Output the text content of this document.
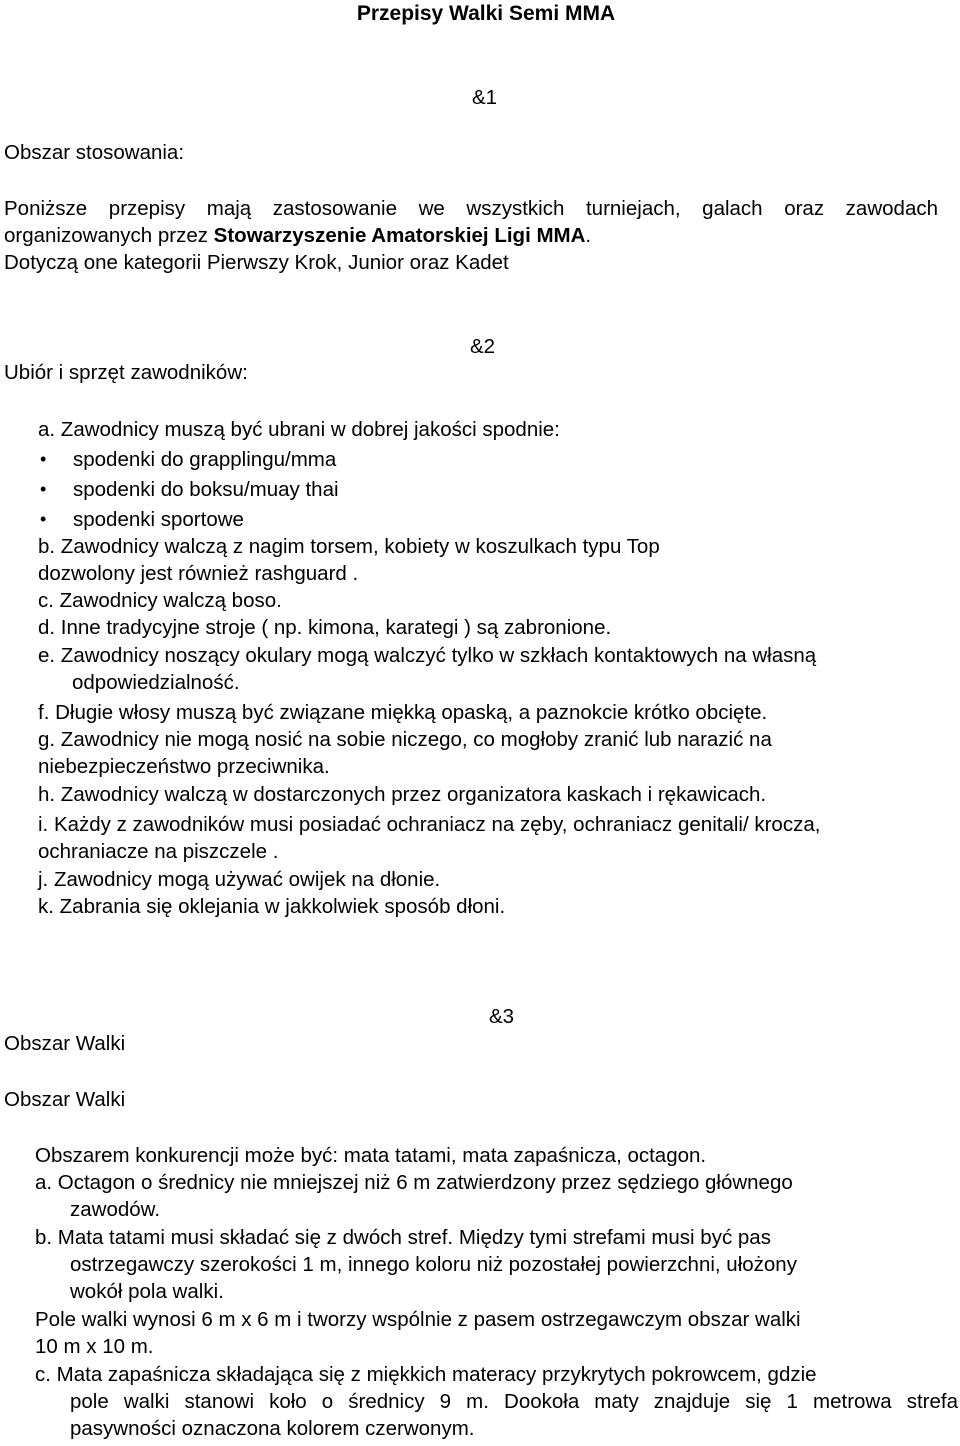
Przepisy Walki Semi MMA
&1
Obszar stosowania:
Poniższe przepisy mają zastosowanie we wszystkich turniejach, galach oraz zawodach
organizowanych przez Stowarzyszenie Amatorskiej Ligi MMA.
Dotyczą one kategorii Pierwszy Krok, Junior oraz Kadet
&2
Ubiór i sprzęt zawodników:
a. Zawodnicy muszą być ubrani w dobrej jakości spodnie:
• spodenki do grapplingu/mma
• spodenki do boksu/muay thai
• spodenki sportowe
b. Zawodnicy walczą z nagim torsem, kobiety w koszulkach typu Top
dozwolony jest również rashguard .
c. Zawodnicy walczą boso.
d. Inne tradycyjne stroje ( np. kimona, karategi ) są zabronione.
e. Zawodnicy noszący okulary mogą walczyć tylko w szkłach kontaktowych na własną
odpowiedzialność.
f. Długie włosy muszą być związane miękką opaską, a paznokcie krótko obcięte.
g. Zawodnicy nie mogą nosić na sobie niczego, co mogłoby zranić lub narazić na
niebezpieczeństwo przeciwnika.
h. Zawodnicy walczą w dostarczonych przez organizatora kaskach i rękawicach.
i. Każdy z zawodników musi posiadać ochraniacz na zęby, ochraniacz genitali/ krocza,
ochraniacze na piszczele .
j. Zawodnicy mogą używać owijek na dłonie.
k. Zabrania się oklejania w jakkolwiek sposób dłoni.
&3
Obszar Walki
Obszar Walki
Obszarem konkurencji może być: mata tatami, mata zapaśnicza, octagon.
a. Octagon o średnicy nie mniejszej niż 6 m zatwierdzony przez sędziego głównego
zawodów.
b. Mata tatami musi składać się z dwóch stref. Między tymi strefami musi być pas
ostrzegawczy szerokości 1 m, innego koloru niż pozostałej powierzchni, ułożony
wokół pola walki.
Pole walki wynosi 6 m x 6 m i tworzy wspólnie z pasem ostrzegawczym obszar walki
10 m x 10 m.
c. Mata zapaśnicza składająca się z miękkich materacy przykrytych pokrowcem, gdzie
pole walki stanowi koło o średnicy 9 m. Dookoła maty znajduje się 1 metrowa strefa
pasywności oznaczona kolorem czerwonym.
